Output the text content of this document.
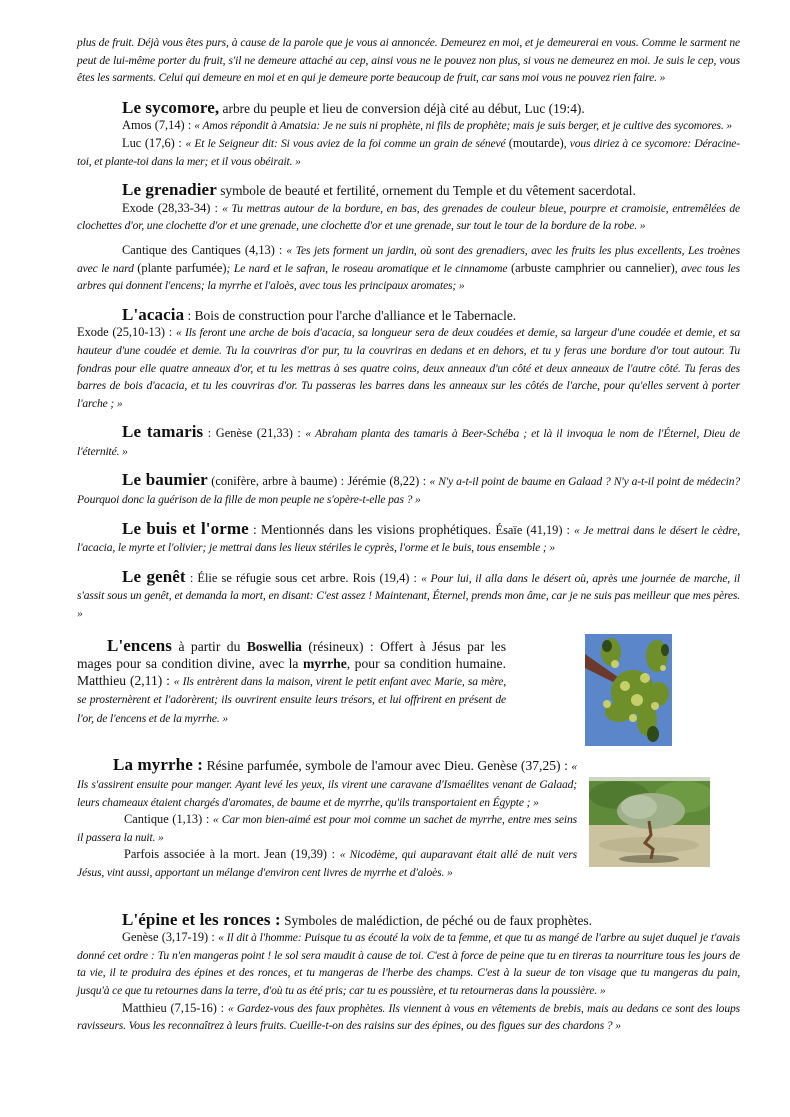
plus de fruit. Déjà vous êtes purs, à cause de la parole que je vous ai annoncée. Demeurez en moi, et je demeurerai en vous. Comme le sarment ne peut de lui-même porter du fruit, s'il ne demeure attaché au cep, ainsi vous ne le pouvez non plus, si vous ne demeurez en moi. Je suis le cep, vous êtes les sarments. Celui qui demeure en moi et en qui je demeure porte beaucoup de fruit, car sans moi vous ne pouvez rien faire. »

Le sycomore, arbre du peuple et lieu de conversion déjà cité au début, Luc (19:4).

Amos (7,14) : « Amos répondit à Amatsia: Je ne suis ni prophète, ni fils de prophète; mais je suis berger, et je cultive des sycomores. »

Luc (17,6) : « Et le Seigneur dit: Si vous aviez de la foi comme un grain de sénevé (moutarde), vous diriez à ce sycomore: Déracine-toi, et plante-toi dans la mer; et il vous obéirait. »

Le grenadier symbole de beauté et fertilité, ornement du Temple et du vêtement sacerdotal.

Exode (28,33-34) : « Tu mettras autour de la bordure, en bas, des grenades de couleur bleue, pourpre et cramoisie, entremêlées de clochettes d'or, une clochette d'or et une grenade, une clochette d'or et une grenade, sur tout le tour de la bordure de la robe. »

Cantique des Cantiques (4,13) : « Tes jets forment un jardin, où sont des grenadiers, avec les fruits les plus excellents, Les troènes avec le nard (plante parfumée); Le nard et le safran, le roseau aromatique et le cinnamome (arbuste camphrier ou cannelier), avec tous les arbres qui donnent l'encens; la myrrhe et l'aloès, avec tous les principaux aromates; »

L'acacia : Bois de construction pour l'arche d'alliance et le Tabernacle.

Exode (25,10-13) : « Ils feront une arche de bois d'acacia, sa longueur sera de deux coudées et demie, sa largeur d'une coudée et demie, et sa hauteur d'une coudée et demie. Tu la couvriras d'or pur, tu la couvriras en dedans et en dehors, et tu y feras une bordure d'or tout autour. Tu fondras pour elle quatre anneaux d'or, et tu les mettras à ses quatre coins, deux anneaux d'un côté et deux anneaux de l'autre côté. Tu feras des barres de bois d'acacia, et tu les couvriras d'or. Tu passeras les barres dans les anneaux sur les côtés de l'arche, pour qu'elles servent à porter l'arche ; »

Le tamaris : Genèse (21,33) : « Abraham planta des tamaris à Beer-Schéba ; et là il invoqua le nom de l'Éternel, Dieu de l'éternité. »

Le baumier (conifère, arbre à baume) : Jérémie (8,22) : « N'y a-t-il point de baume en Galaad ? N'y a-t-il point de médecin? Pourquoi donc la guérison de la fille de mon peuple ne s'opère-t-elle pas ? »

Le buis et l'orme : Mentionnés dans les visions prophétiques. Ésaïe (41,19) : « Je mettrai dans le désert le cèdre, l'acacia, le myrte et l'olivier; je mettrai dans les lieux stériles le cyprès, l'orme et le buis, tous ensemble ; »

Le genêt : Élie se réfugie sous cet arbre. Rois (19,4) : « Pour lui, il alla dans le désert où, après une journée de marche, il s'assit sous un genêt, et demanda la mort, en disant: C'est assez ! Maintenant, Éternel, prends mon âme, car je ne suis pas meilleur que mes pères. »

L'encens à partir du Boswellia (résineux) : Offert à Jésus par les mages pour sa condition divine, avec la myrrhe, pour sa condition humaine. Matthieu (2,11) : « Ils entrèrent dans la maison, virent le petit enfant avec Marie, sa mère, se prosternèrent et l'adorèrent; ils ouvrirent ensuite leurs trésors, et lui offrirent en présent de l'or, de l'encens et de la myrrhe. »

La myrrhe : Résine parfumée, symbole de l'amour avec Dieu. Genèse (37,25) : « Ils s'assirent ensuite pour manger. Ayant levé les yeux, ils virent une caravane d'Ismaélites venant de Galaad; leurs chameaux étaient chargés d'aromates, de baume et de myrrhe, qu'ils transportaient en Égypte ; »

Cantique (1,13) : « Car mon bien-aimé est pour moi comme un sachet de myrrhe, entre mes seins il passera la nuit. »

Parfois associée à la mort. Jean (19,39) : « Nicodème, qui auparavant était allé de nuit vers Jésus, vint aussi, apportant un mélange d'environ cent livres de myrrhe et d'aloès. »

L'épine et les ronces : Symboles de malédiction, de péché ou de faux prophètes.

Genèse (3,17-19) : « Il dit à l'homme: Puisque tu as écouté la voix de ta femme, et que tu as mangé de l'arbre au sujet duquel je t'avais donné cet ordre : Tu n'en mangeras point ! le sol sera maudit à cause de toi. C'est à force de peine que tu en tireras ta nourriture tous les jours de ta vie, il te produira des épines et des ronces, et tu mangeras de l'herbe des champs. C'est à la sueur de ton visage que tu mangeras du pain, jusqu'à ce que tu retournes dans la terre, d'où tu as été pris; car tu es poussière, et tu retourneras dans la poussière. »

Matthieu (7,15-16) : « Gardez-vous des faux prophètes. Ils viennent à vous en vêtements de brebis, mais au dedans ce sont des loups ravisseurs. Vous les reconnaîtrez à leurs fruits. Cueille-t-on des raisins sur des épines, ou des figues sur des chardons ? »
